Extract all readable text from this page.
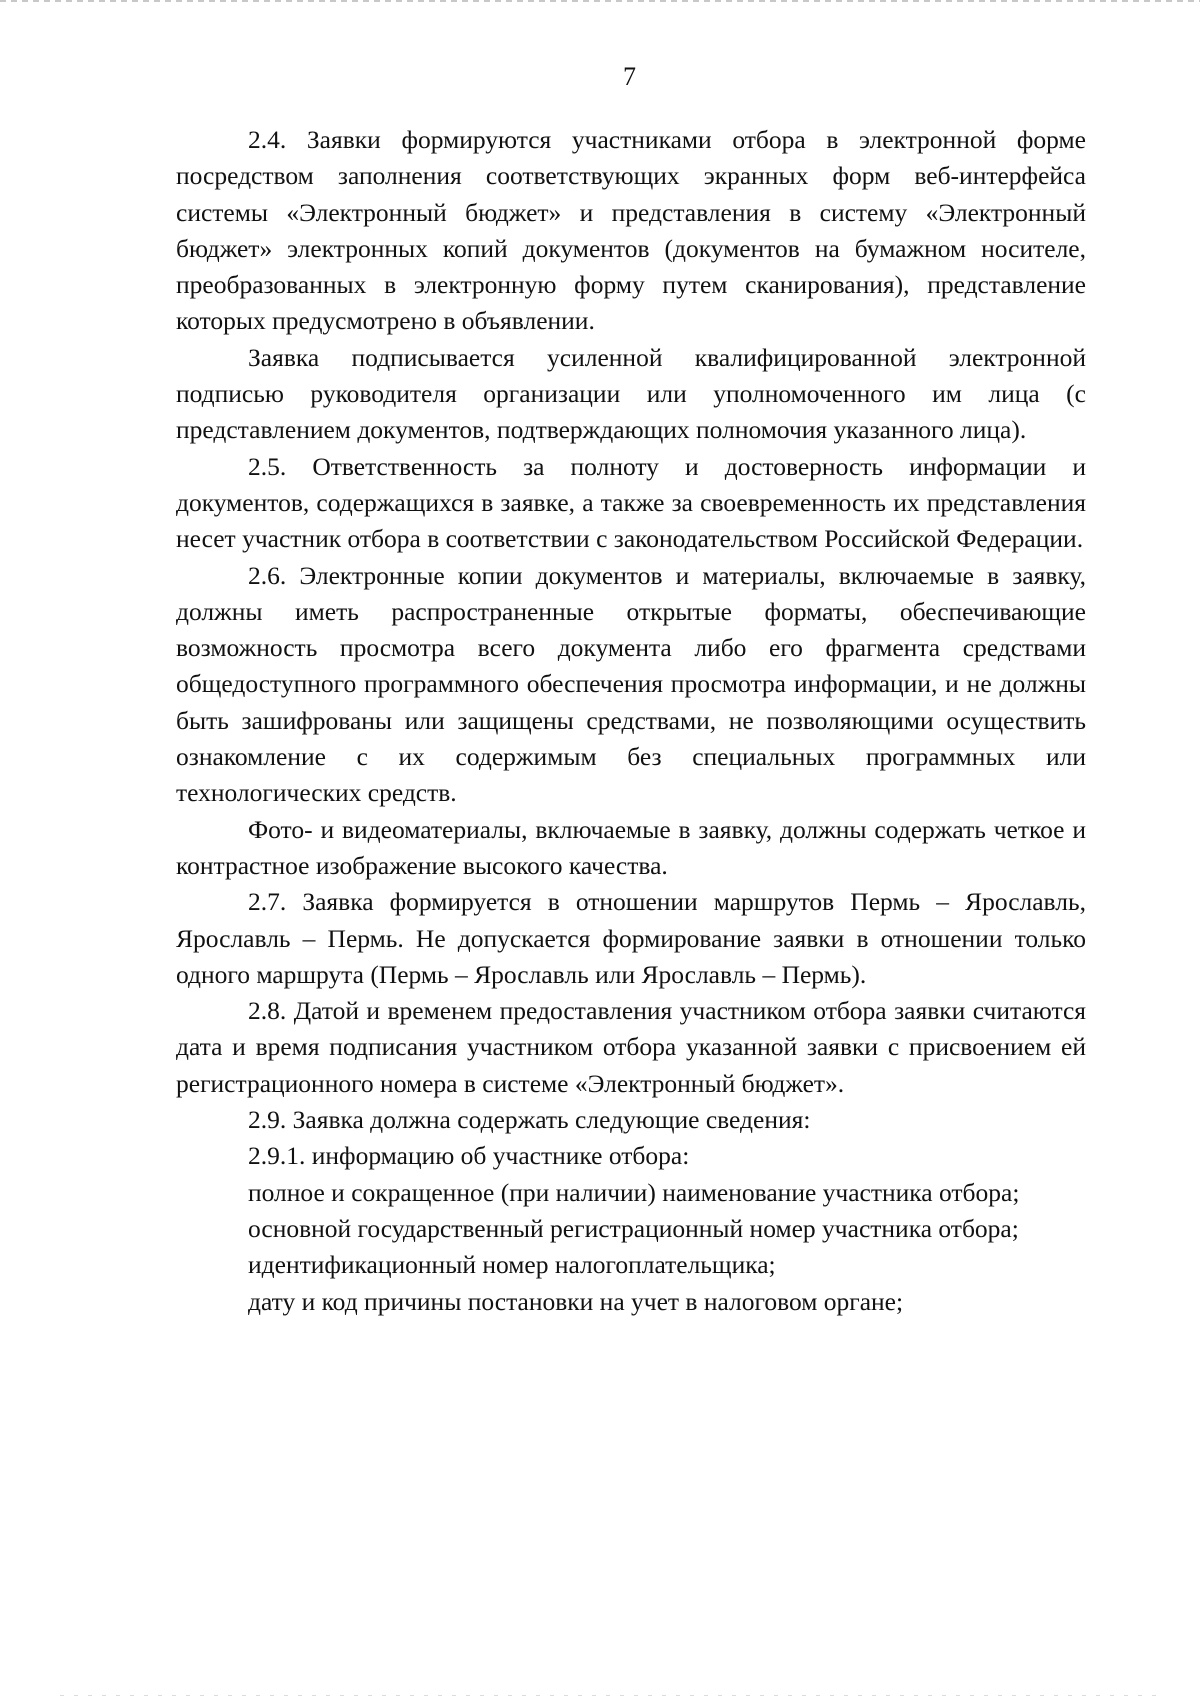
7

2.4. Заявки формируются участниками отбора в электронной форме посредством заполнения соответствующих экранных форм веб-интерфейса системы «Электронный бюджет» и представления в систему «Электронный бюджет» электронных копий документов (документов на бумажном носителе, преобразованных в электронную форму путем сканирования), представление которых предусмотрено в объявлении.

Заявка подписывается усиленной квалифицированной электронной подписью руководителя организации или уполномоченного им лица (с представлением документов, подтверждающих полномочия указанного лица).

2.5. Ответственность за полноту и достоверность информации и документов, содержащихся в заявке, а также за своевременность их представления несет участник отбора в соответствии с законодательством Российской Федерации.

2.6. Электронные копии документов и материалы, включаемые в заявку, должны иметь распространенные открытые форматы, обеспечивающие возможность просмотра всего документа либо его фрагмента средствами общедоступного программного обеспечения просмотра информации, и не должны быть зашифрованы или защищены средствами, не позволяющими осуществить ознакомление с их содержимым без специальных программных или технологических средств.

Фото- и видеоматериалы, включаемые в заявку, должны содержать четкое и контрастное изображение высокого качества.

2.7. Заявка формируется в отношении маршрутов Пермь – Ярославль, Ярославль – Пермь. Не допускается формирование заявки в отношении только одного маршрута (Пермь – Ярославль или Ярославль – Пермь).

2.8. Датой и временем предоставления участником отбора заявки считаются дата и время подписания участником отбора указанной заявки с присвоением ей регистрационного номера в системе «Электронный бюджет».

2.9. Заявка должна содержать следующие сведения:

2.9.1. информацию об участнике отбора:

полное и сокращенное (при наличии) наименование участника отбора;

основной государственный регистрационный номер участника отбора;

идентификационный номер налогоплательщика;

дату и код причины постановки на учет в налоговом органе;
